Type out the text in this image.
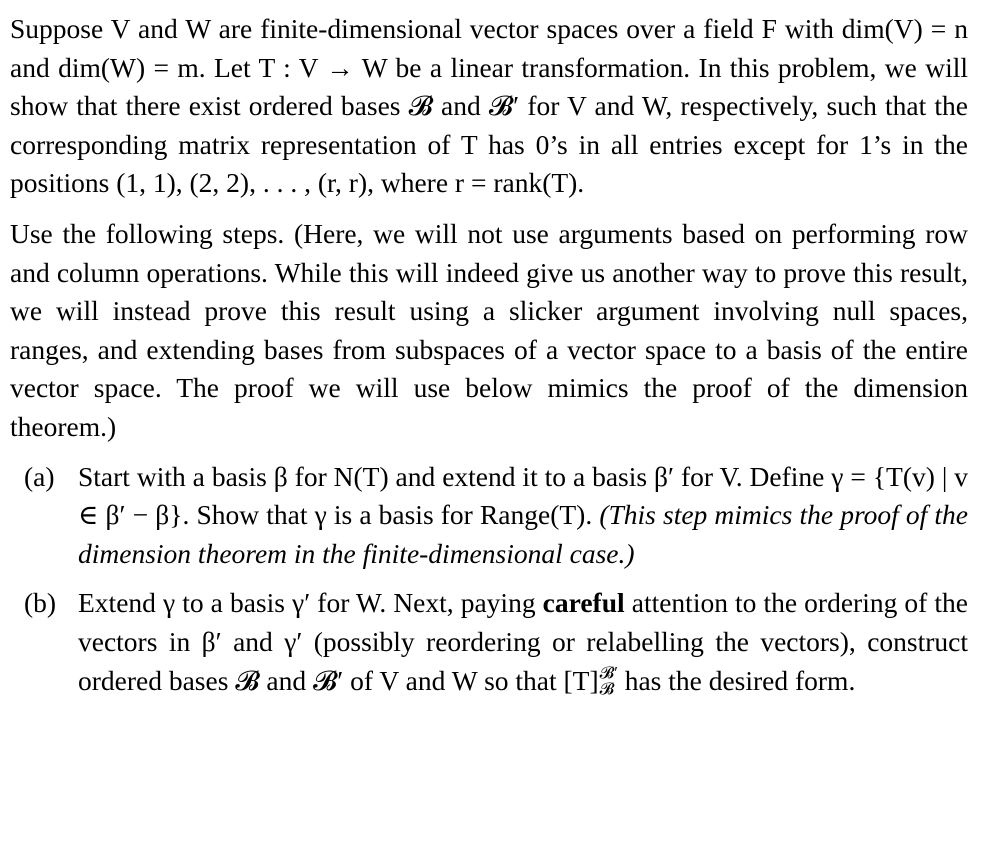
Suppose V and W are finite-dimensional vector spaces over a field F with dim(V) = n and dim(W) = m. Let T : V → W be a linear transformation. In this problem, we will show that there exist ordered bases 𝓑 and 𝓑′ for V and W, respectively, such that the corresponding matrix representation of T has 0’s in all entries except for 1’s in the positions (1, 1), (2, 2), . . . , (r, r), where r = rank(T).

Use the following steps. (Here, we will not use arguments based on performing row and column operations. While this will indeed give us another way to prove this result, we will instead prove this result using a slicker argument involving null spaces, ranges, and extending bases from subspaces of a vector space to a basis of the entire vector space. The proof we will use below mimics the proof of the dimension theorem.)

(a) Start with a basis β for N(T) and extend it to a basis β′ for V. Define γ = {T(v) | v ∈ β′ − β}. Show that γ is a basis for Range(T). (This step mimics the proof of the dimension theorem in the finite-dimensional case.)
(b) Extend γ to a basis γ′ for W. Next, paying careful attention to the ordering of the vectors in β′ and γ′ (possibly reordering or relabelling the vectors), construct ordered bases 𝓑 and 𝓑′ of V and W so that [T] 𝓑′
𝓑 has the desired form.
